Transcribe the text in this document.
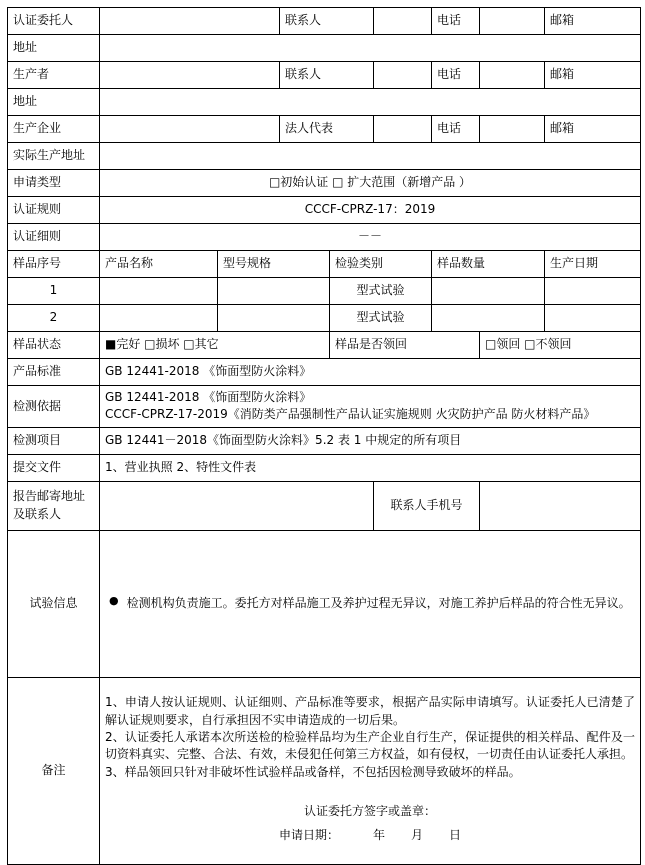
认证委托人			联系人			电话		邮箱
地址								
生产者			联系人			电话		邮箱
地址								
生产企业			法人代表			电话		邮箱
实际生产地址								
申请类型	□初始认证 □ 扩大范围（新增产品 ）							
认证规则	CCCF-CPRZ-17：2019							
认证细则	－－							
样品序号	产品名称	型号规格		检验类别		样品数量		生产日期
1				型式试验				
2				型式试验				
样品状态	■完好 □损坏 □其它			样品是否领回			□领回 □不领回	
产品标准	GB 12441-2018 《饰面型防火涂料》							
检测依据	GB 12441-2018 《饰面型防火涂料》
CCCF-CPRZ-17-2019《消防类产品强制性产品认证实施规则 火灾防护产品 防火材料产品》							

检测项目	GB 12441－2018《饰面型防火涂料》5.2 表 1 中规定的所有项目							
提交文件	1、营业执照 2、特性文件表							

报告邮寄地址
及联系人					联系人手机号			
试验信息	● 检测机构负责施工。委托方对样品施工及养护过程无异议，对施工养护后样品的符合性无异议。							

备注	1、申请人按认证规则、认证细则、产品标准等要求，根据产品实际申请填写。认证委托人已清楚了解认证规则要求，自行承担因不实申请造成的一切后果。
2、认证委托人承诺本次所送检的检验样品均为生产企业自行生产，保证提供的相关样品、配件及一切资料真实、完整、合法、有效，未侵犯任何第三方权益，如有侵权，一切责任由认证委托人承担。
3、样品领回只针对非破坏性试验样品或备样，不包括因检测导致破坏的样品。
认证委托方签字或盖章：
申请日期： 年 月 日							
